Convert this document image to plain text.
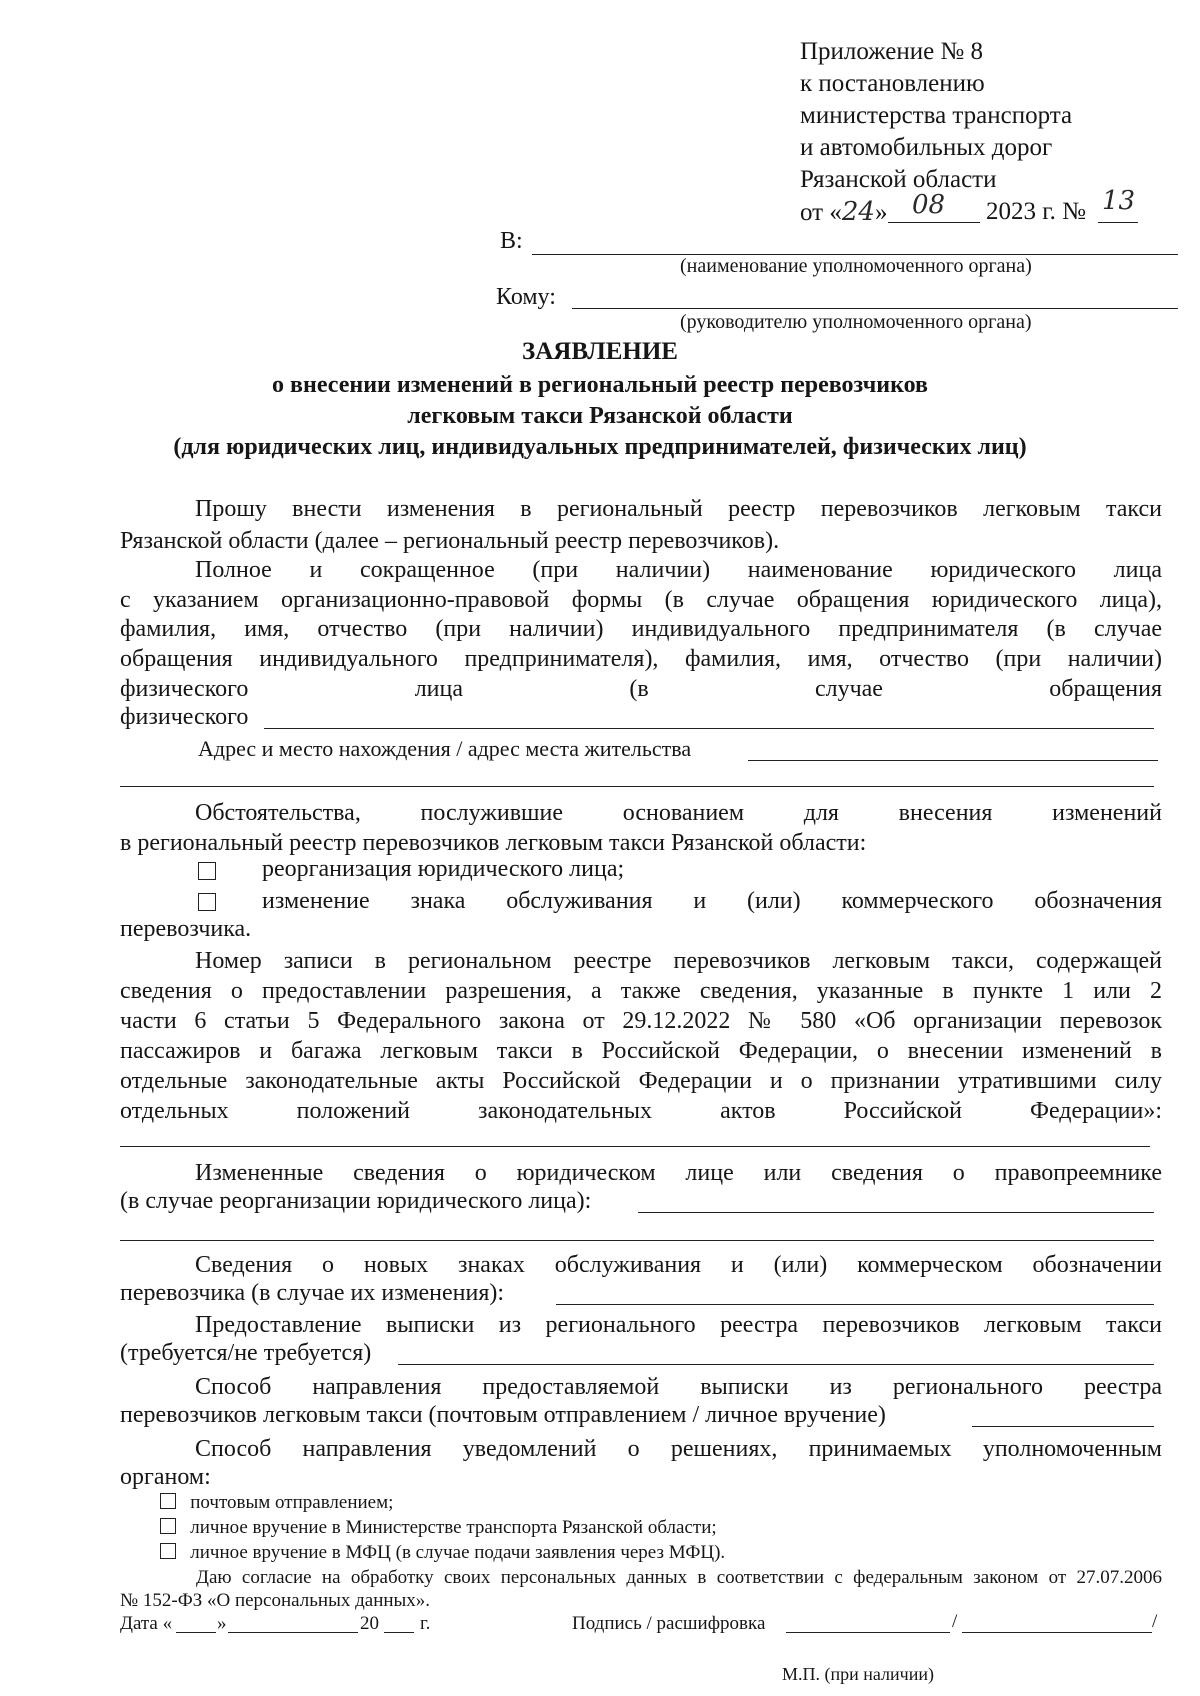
Приложение № 8
к постановлению
министерства транспорта
и автомобильных дорог
Рязанской области
от «24» 08 2023 г. № 13
В:
(наименование уполномоченного органа)
Кому:
(руководителю уполномоченного органа)
ЗАЯВЛЕНИЕ
о внесении изменений в региональный реестр перевозчиков
легковым такси Рязанской области
(для юридических лиц, индивидуальных предпринимателей, физических лиц)
Прошу внести изменения в региональный реестр перевозчиков легковым такси
Рязанской области (далее – региональный реестр перевозчиков).
Полное и сокращенное (при наличии) наименование юридического лица
с указанием организационно-правовой формы (в случае обращения юридического лица),
фамилия, имя, отчество (при наличии) индивидуального предпринимателя (в случае
обращения индивидуального предпринимателя), фамилия, имя, отчество (при наличии)
физического лица (в случае обращения
физического
Адрес и место нахождения / адрес места жительства
Обстоятельства, послужившие основанием для внесения изменений
в региональный реестр перевозчиков легковым такси Рязанской области:
реорганизация юридического лица;
изменение знака обслуживания и (или) коммерческого обозначения
перевозчика.
Номер записи в региональном реестре перевозчиков легковым такси, содержащей
сведения о предоставлении разрешения, а также сведения, указанные в пункте 1 или 2
части 6 статьи 5 Федерального закона от 29.12.2022 № 580 «Об организации перевозок
пассажиров и багажа легковым такси в Российской Федерации, о внесении изменений в
отдельные законодательные акты Российской Федерации и о признании утратившими силу
отдельных положений законодательных актов Российской Федерации»:
Измененные сведения о юридическом лице или сведения о правопреемнике
(в случае реорганизации юридического лица):
Сведения о новых знаках обслуживания и (или) коммерческом обозначении
перевозчика (в случае их изменения):
Предоставление выписки из регионального реестра перевозчиков легковым такси
(требуется/не требуется)
Способ направления предоставляемой выписки из регионального реестра
перевозчиков легковым такси (почтовым отправлением / личное вручение)
Способ направления уведомлений о решениях, принимаемых уполномоченным
органом:
почтовым отправлением;
личное вручение в Министерстве транспорта Рязанской области;
личное вручение в МФЦ (в случае подачи заявления через МФЦ).
Даю согласие на обработку своих персональных данных в соответствии с федеральным законом от 27.07.2006
№ 152-ФЗ «О персональных данных».
Дата « »	20 г.	Подпись / расшифровка	/	/
М.П. (при наличии)
